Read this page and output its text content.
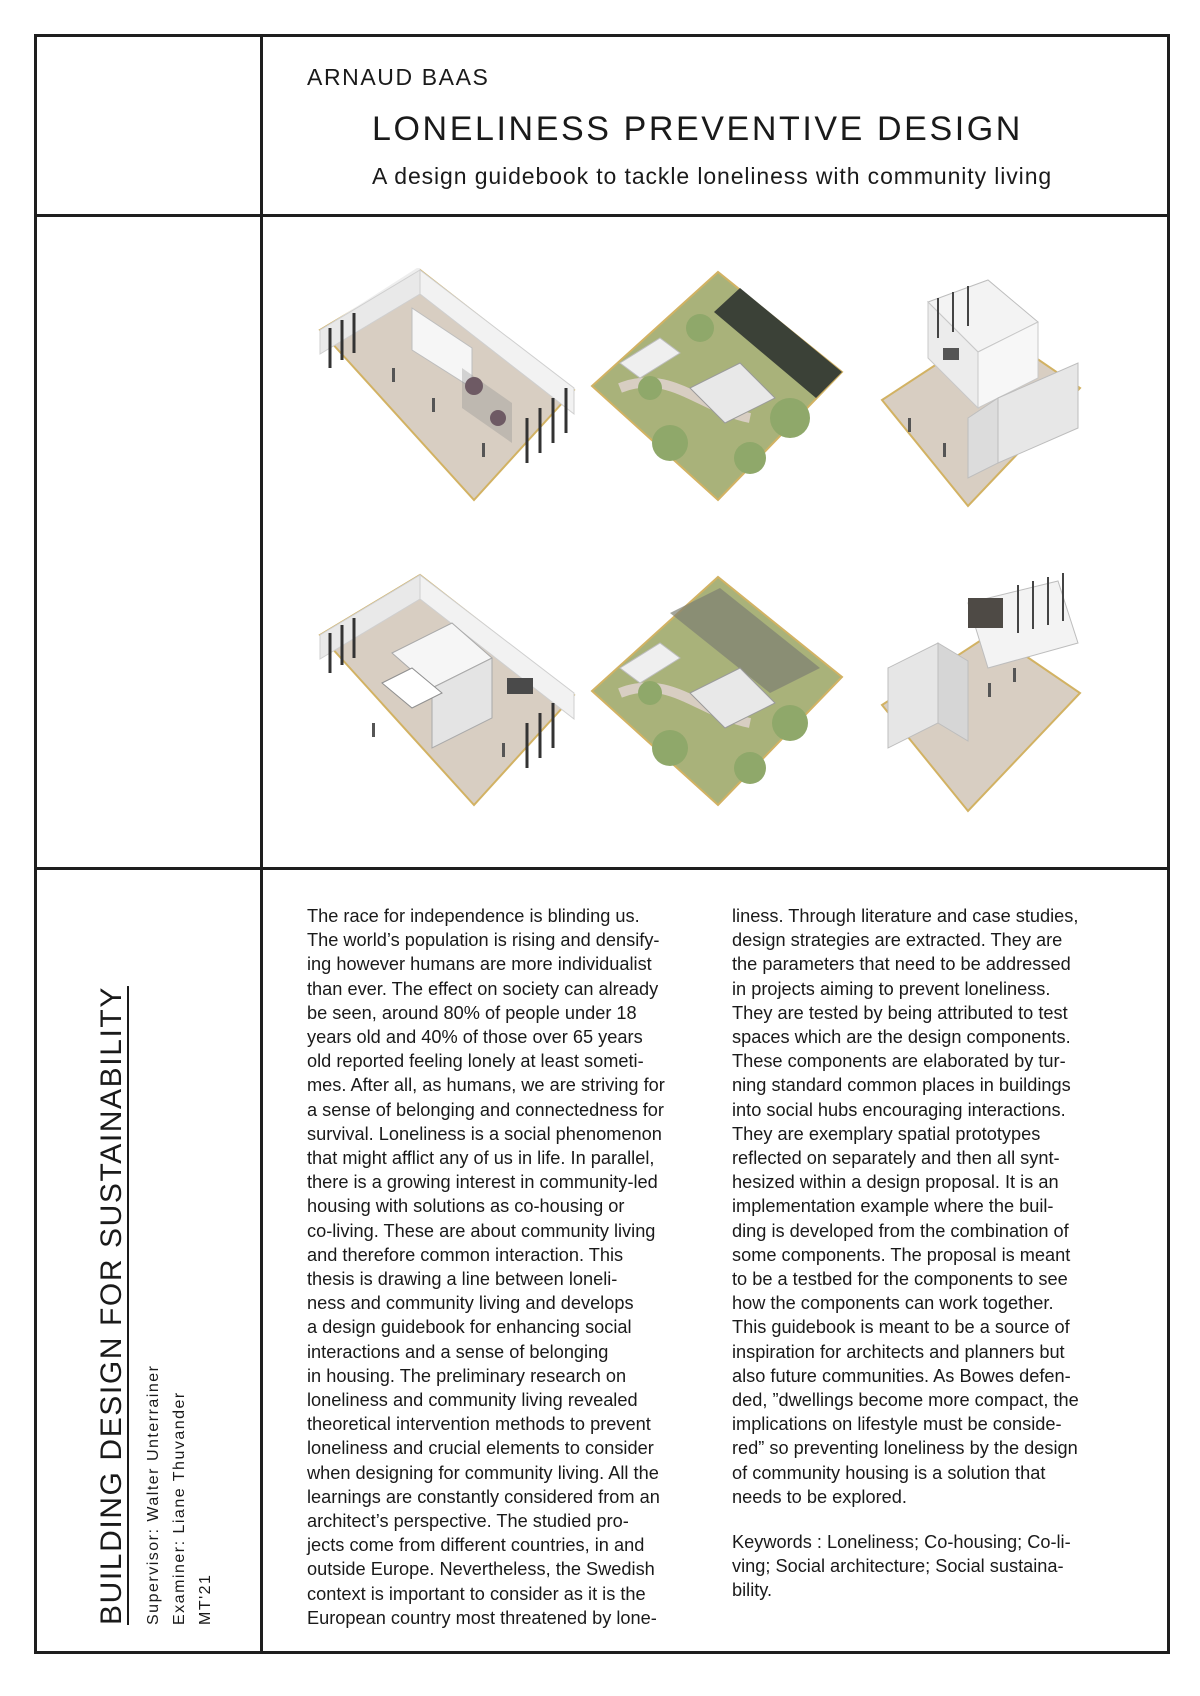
ARNAUD BAAS
LONELINESS PREVENTIVE DESIGN
A design guidebook to tackle loneliness with community living
BUILDING DESIGN FOR SUSTAINABILITY Supervisor: Walter Unterrainer Examiner: Liane Thuvander MT'21
The race for independence is blinding us.
The world’s population is rising and densify-
ing however humans are more individualist
than ever. The effect on society can already
be seen, around 80% of people under 18
years old and 40% of those over 65 years
old reported feeling lonely at least someti-
mes. After all, as humans, we are striving for
a sense of belonging and connectedness for
survival. Loneliness is a social phenomenon
that might afflict any of us in life. In parallel,
there is a growing interest in community-led
housing with solutions as co-housing or
co-living. These are about community living
and therefore common interaction. This
thesis is drawing a line between loneli-
ness and community living and develops
a design guidebook for enhancing social
interactions and a sense of belonging
in housing. The preliminary research on
loneliness and community living revealed
theoretical intervention methods to prevent
loneliness and crucial elements to consider
when designing for community living. All the
learnings are constantly considered from an
architect’s perspective. The studied pro-
jects come from different countries, in and
outside Europe. Nevertheless, the Swedish
context is important to consider as it is the
European country most threatened by lone-
liness. Through literature and case studies,
design strategies are extracted. They are
the parameters that need to be addressed
in projects aiming to prevent loneliness.
They are tested by being attributed to test
spaces which are the design components.
These components are elaborated by tur-
ning standard common places in buildings
into social hubs encouraging interactions.
They are exemplary spatial prototypes
reflected on separately and then all synt-
hesized within a design proposal. It is an
implementation example where the buil-
ding is developed from the combination of
some components. The proposal is meant
to be a testbed for the components to see
how the components can work together.
This guidebook is meant to be a source of
inspiration for architects and planners but
also future communities. As Bowes defen-
ded, ”dwellings become more compact, the
implications on lifestyle must be conside-
red” so preventing loneliness by the design
of community housing is a solution that
needs to be explored.
Keywords : Loneliness; Co-housing; Co-li-
ving; Social architecture; Social sustaina-
bility.
